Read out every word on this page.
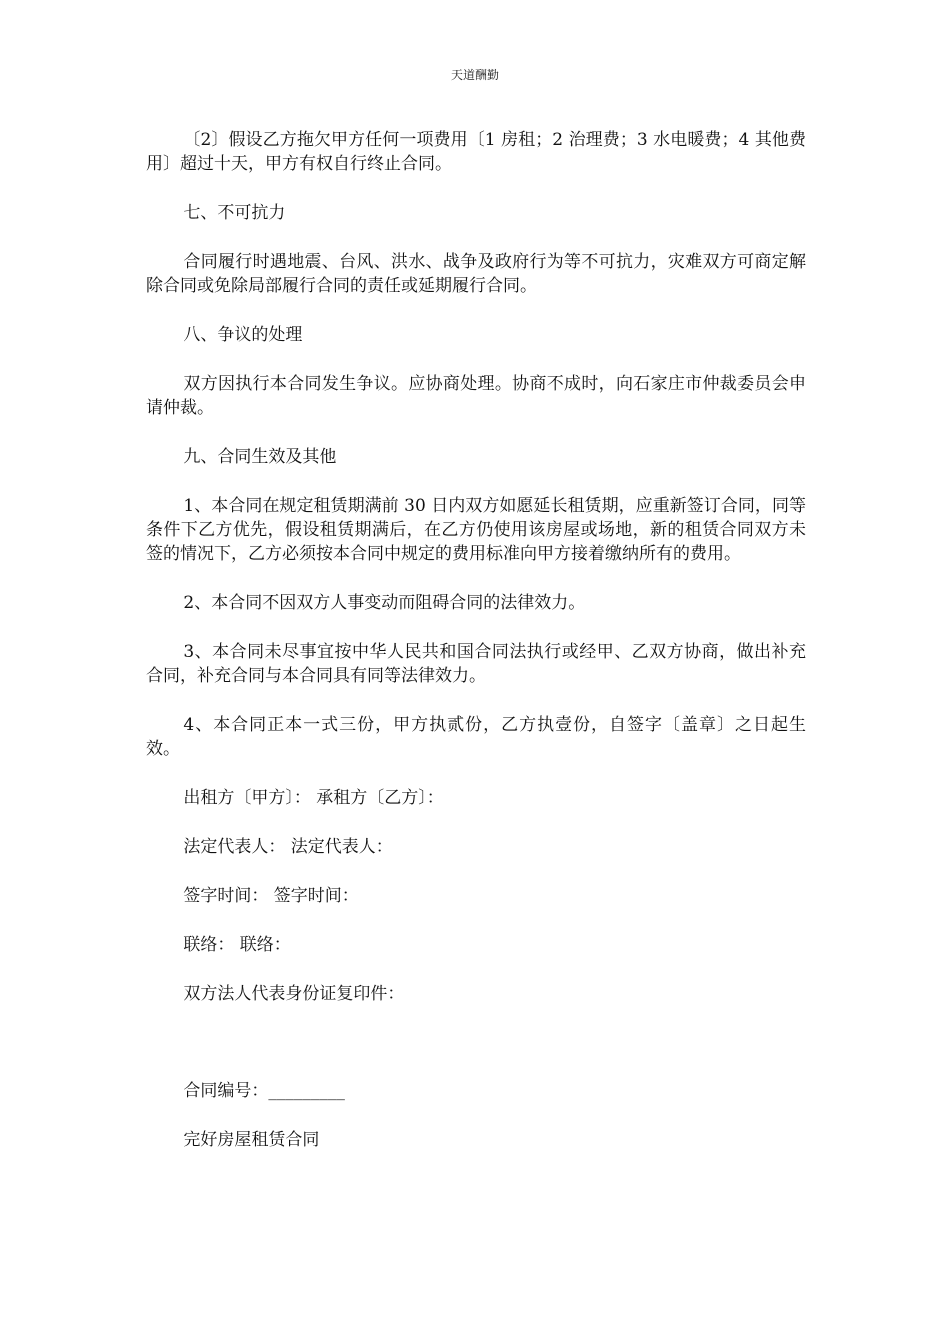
天道酬勤

〔2〕假设乙方拖欠甲方任何一项费用〔1 房租；2 治理费；3 水电暖费；4 其他费用〕超过十天，甲方有权自行终止合同。

七、不可抗力

合同履行时遇地震、台风、洪水、战争及政府行为等不可抗力，灾难双方可商定解除合同或免除局部履行合同的责任或延期履行合同。

八、争议的处理

双方因执行本合同发生争议。应协商处理。协商不成时，向石家庄市仲裁委员会申请仲裁。

九、合同生效及其他

1、本合同在规定租赁期满前 30 日内双方如愿延长租赁期，应重新签订合同，同等条件下乙方优先，假设租赁期满后，在乙方仍使用该房屋或场地，新的租赁合同双方未签的情况下，乙方必须按本合同中规定的费用标准向甲方接着缴纳所有的费用。

2、本合同不因双方人事变动而阻碍合同的法律效力。

3、本合同未尽事宜按中华人民共和国合同法执行或经甲、乙双方协商，做出补充合同，补充合同与本合同具有同等法律效力。

4、本合同正本一式三份，甲方执贰份，乙方执壹份，自签字〔盖章〕之日起生效。

出租方〔甲方〕： 承租方〔乙方〕：

法定代表人： 法定代表人：

签字时间： 签字时间：

联络： 联络：

双方法人代表身份证复印件：

合同编号：_________

完好房屋租赁合同
